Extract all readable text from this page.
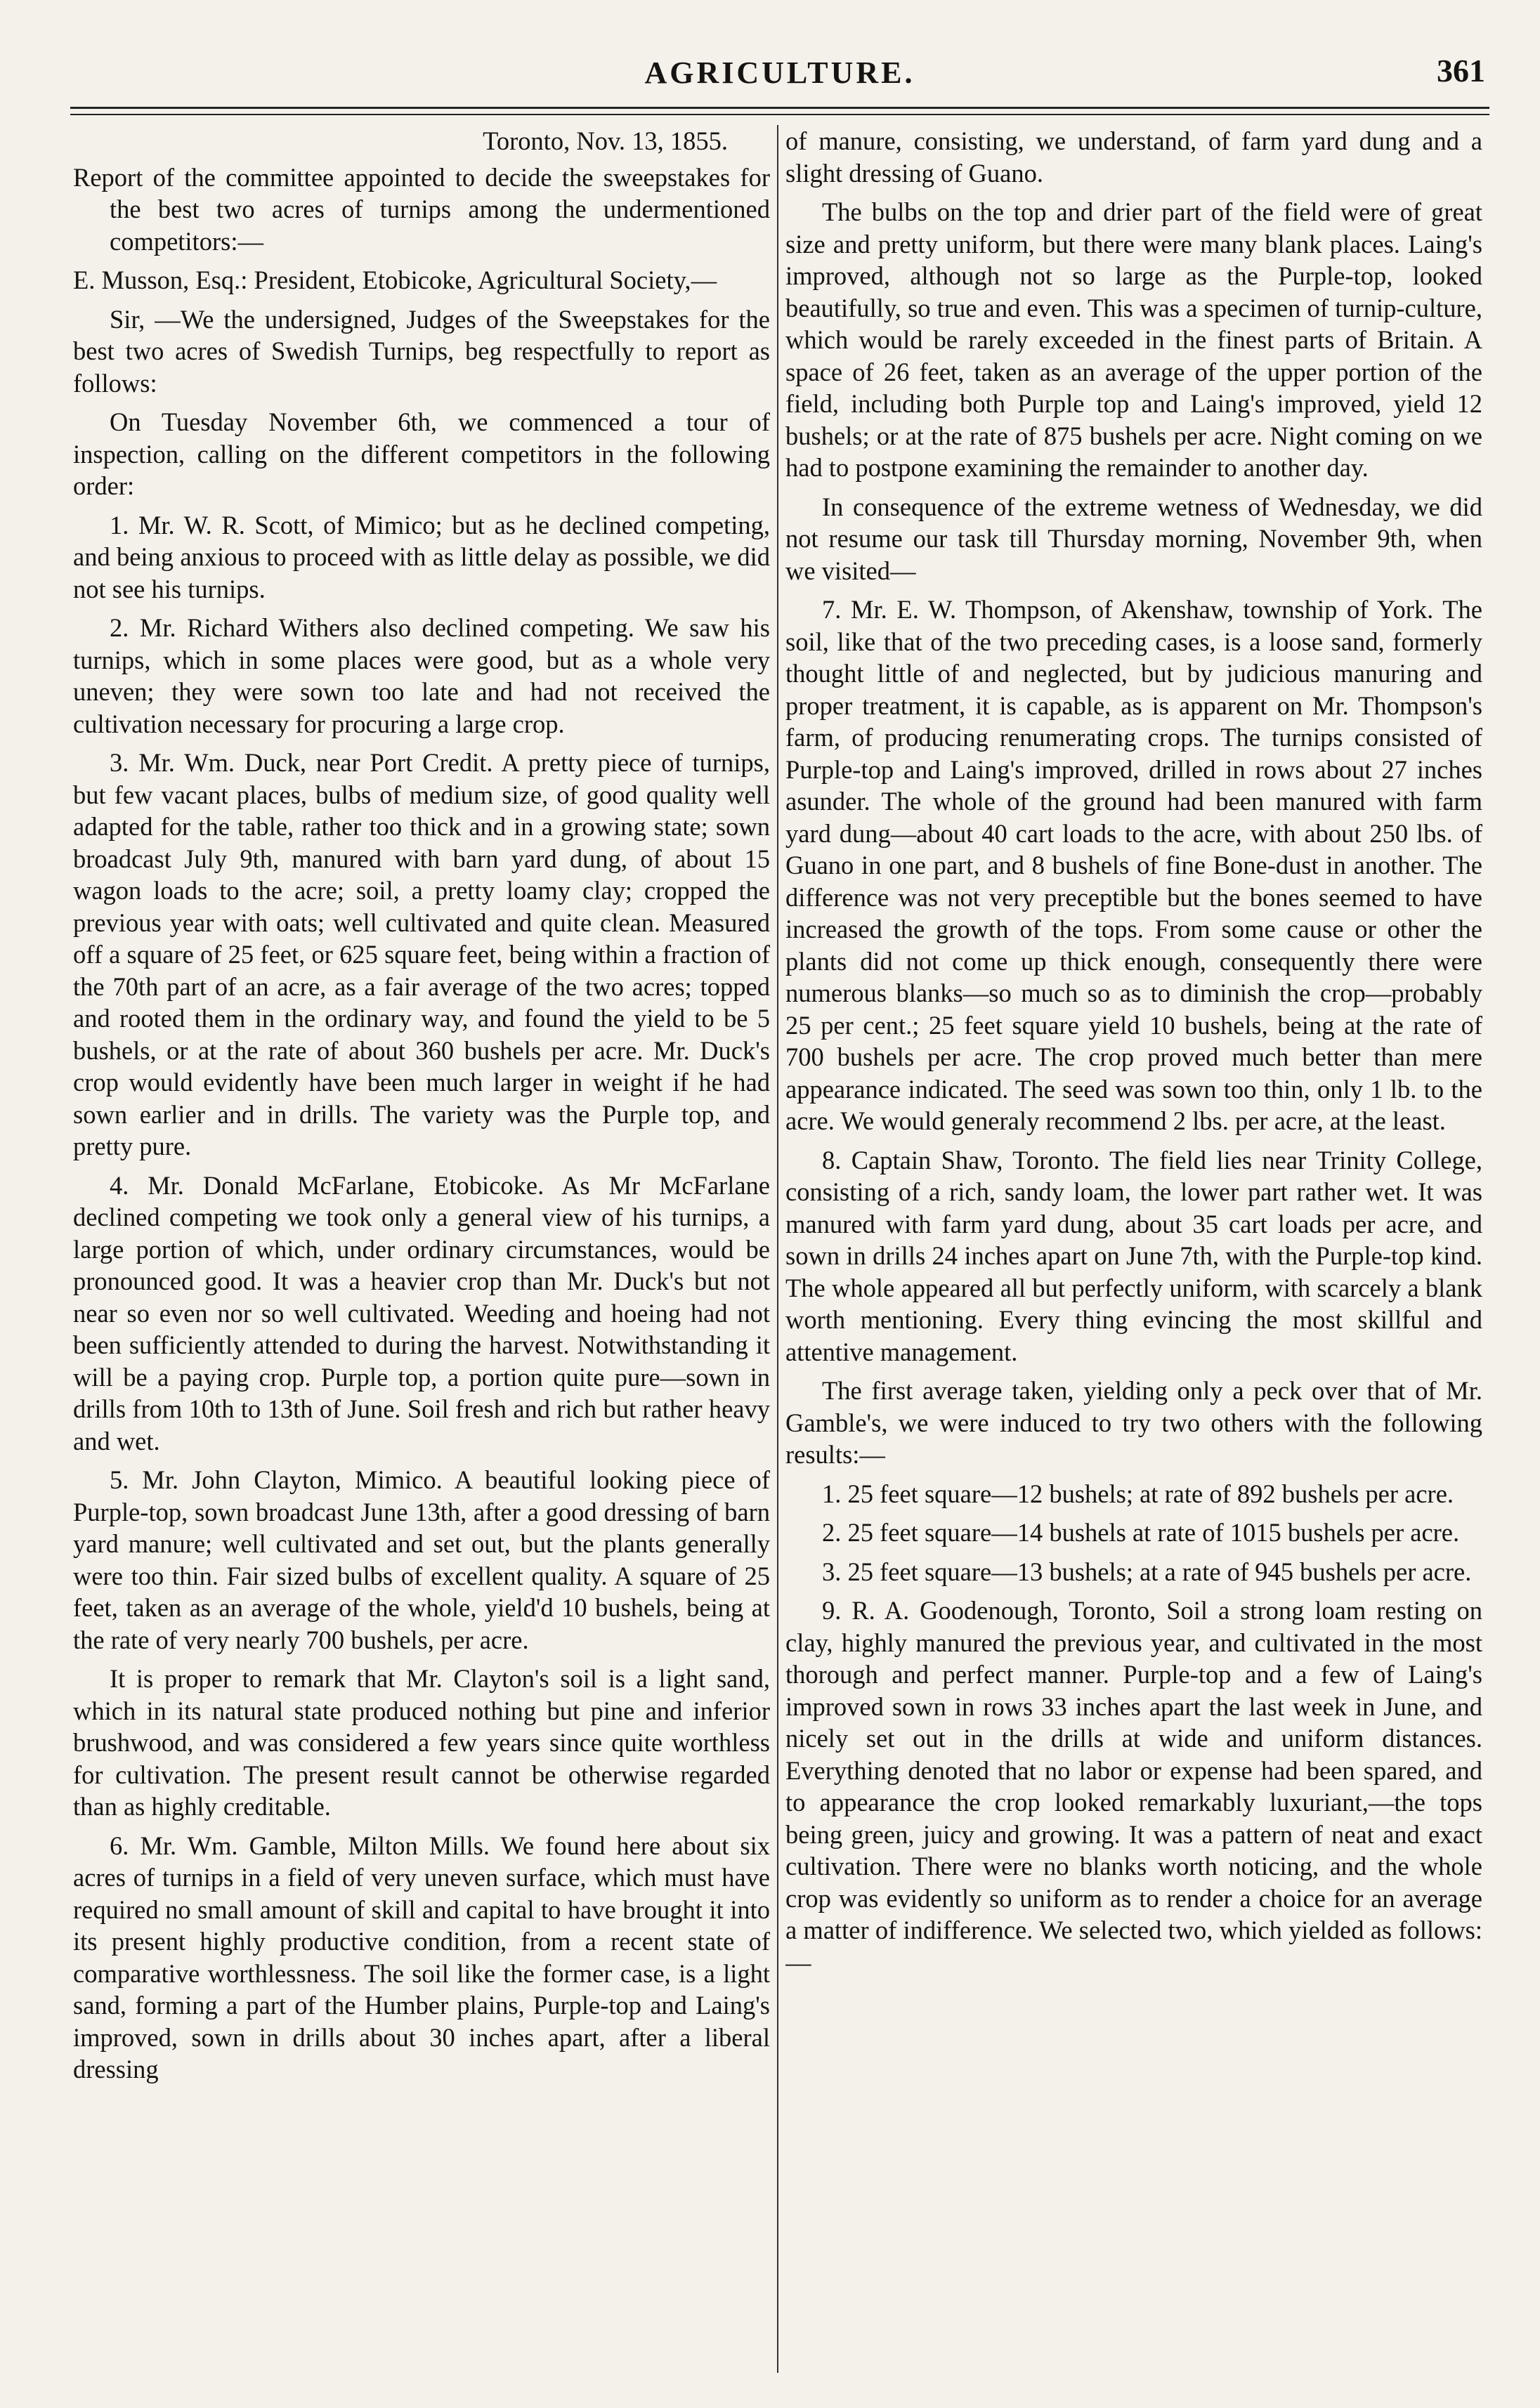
AGRICULTURE.	361

Toronto, Nov. 13, 1855.

Report of the committee appointed to decide the sweepstakes for the best two acres of turnips among the undermentioned competitors:—

E. Musson, Esq.: President, Etobicoke, Agricultural Society,—

Sir, —We the undersigned, Judges of the Sweepstakes for the best two acres of Swedish Turnips, beg respectfully to report as follows:

On Tuesday November 6th, we commenced a tour of inspection, calling on the different competitors in the following order:

1. Mr. W. R. Scott, of Mimico; but as he declined competing, and being anxious to proceed with as little delay as possible, we did not see his turnips.

2. Mr. Richard Withers also declined competing. We saw his turnips, which in some places were good, but as a whole very uneven; they were sown too late and had not received the cultivation necessary for procuring a large crop.

3. Mr. Wm. Duck, near Port Credit. A pretty piece of turnips, but few vacant places, bulbs of medium size, of good quality well adapted for the table, rather too thick and in a growing state; sown broadcast July 9th, manured with barn yard dung, of about 15 wagon loads to the acre; soil, a pretty loamy clay; cropped the previous year with oats; well cultivated and quite clean. Measured off a square of 25 feet, or 625 square feet, being within a fraction of the 70th part of an acre, as a fair average of the two acres; topped and rooted them in the ordinary way, and found the yield to be 5 bushels, or at the rate of about 360 bushels per acre. Mr. Duck's crop would evidently have been much larger in weight if he had sown earlier and in drills. The variety was the Purple top, and pretty pure.

4. Mr. Donald McFarlane, Etobicoke. As Mr McFarlane declined competing we took only a general view of his turnips, a large portion of which, under ordinary circumstances, would be pronounced good. It was a heavier crop than Mr. Duck's but not near so even nor so well cultivated. Weeding and hoeing had not been sufficiently attended to during the harvest. Notwithstanding it will be a paying crop. Purple top, a portion quite pure—sown in drills from 10th to 13th of June. Soil fresh and rich but rather heavy and wet.

5. Mr. John Clayton, Mimico. A beautiful looking piece of Purple-top, sown broadcast June 13th, after a good dressing of barn yard manure; well cultivated and set out, but the plants generally were too thin. Fair sized bulbs of excellent quality. A square of 25 feet, taken as an average of the whole, yield'd 10 bushels, being at the rate of very nearly 700 bushels, per acre.

It is proper to remark that Mr. Clayton's soil is a light sand, which in its natural state produced nothing but pine and inferior brushwood, and was considered a few years since quite worthless for cultivation. The present result cannot be otherwise regarded than as highly creditable.

6. Mr. Wm. Gamble, Milton Mills. We found here about six acres of turnips in a field of very uneven surface, which must have required no small amount of skill and capital to have brought it into its present highly productive condition, from a recent state of comparative worthlessness. The soil like the former case, is a light sand, forming a part of the Humber plains, Purple-top and Laing's improved, sown in drills about 30 inches apart, after a liberal dressing

of manure, consisting, we understand, of farm yard dung and a slight dressing of Guano.

The bulbs on the top and drier part of the field were of great size and pretty uniform, but there were many blank places. Laing's improved, although not so large as the Purple-top, looked beautifully, so true and even. This was a specimen of turnip-culture, which would be rarely exceeded in the finest parts of Britain. A space of 26 feet, taken as an average of the upper portion of the field, including both Purple top and Laing's improved, yield 12 bushels; or at the rate of 875 bushels per acre. Night coming on we had to postpone examining the remainder to another day.

In consequence of the extreme wetness of Wednesday, we did not resume our task till Thursday morning, November 9th, when we visited—

7. Mr. E. W. Thompson, of Akenshaw, township of York. The soil, like that of the two preceding cases, is a loose sand, formerly thought little of and neglected, but by judicious manuring and proper treatment, it is capable, as is apparent on Mr. Thompson's farm, of producing renumerating crops. The turnips consisted of Purple-top and Laing's improved, drilled in rows about 27 inches asunder. The whole of the ground had been manured with farm yard dung—about 40 cart loads to the acre, with about 250 lbs. of Guano in one part, and 8 bushels of fine Bone-dust in another. The difference was not very preceptible but the bones seemed to have increased the growth of the tops. From some cause or other the plants did not come up thick enough, consequently there were numerous blanks—so much so as to diminish the crop—probably 25 per cent.; 25 feet square yield 10 bushels, being at the rate of 700 bushels per acre. The crop proved much better than mere appearance indicated. The seed was sown too thin, only 1 lb. to the acre. We would generaly recommend 2 lbs. per acre, at the least.

8. Captain Shaw, Toronto. The field lies near Trinity College, consisting of a rich, sandy loam, the lower part rather wet. It was manured with farm yard dung, about 35 cart loads per acre, and sown in drills 24 inches apart on June 7th, with the Purple-top kind. The whole appeared all but perfectly uniform, with scarcely a blank worth mentioning. Every thing evincing the most skillful and attentive management.

The first average taken, yielding only a peck over that of Mr. Gamble's, we were induced to try two others with the following results:—

1. 25 feet square—12 bushels; at rate of 892 bushels per acre.

2. 25 feet square—14 bushels at rate of 1015 bushels per acre.

3. 25 feet square—13 bushels; at a rate of 945 bushels per acre.

9. R. A. Goodenough, Toronto, Soil a strong loam resting on clay, highly manured the previous year, and cultivated in the most thorough and perfect manner. Purple-top and a few of Laing's improved sown in rows 33 inches apart the last week in June, and nicely set out in the drills at wide and uniform distances. Everything denoted that no labor or expense had been spared, and to appearance the crop looked remarkably luxuriant,—the tops being green, juicy and growing. It was a pattern of neat and exact cultivation. There were no blanks worth noticing, and the whole crop was evidently so uniform as to render a choice for an average a matter of indifference. We selected two, which yielded as follows:—
